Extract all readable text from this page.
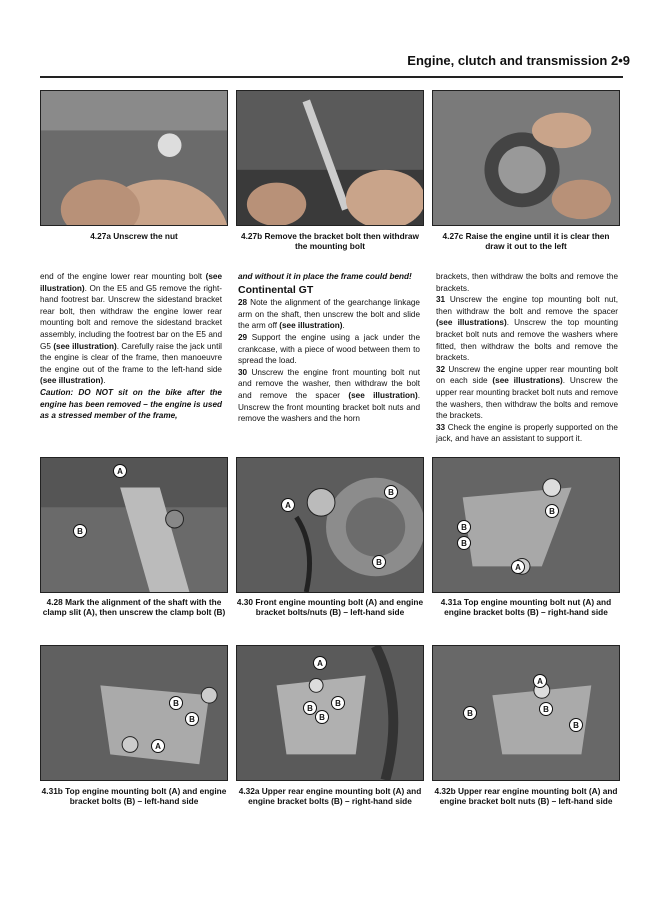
Engine, clutch and transmission 2•9
4.27a Unscrew the nut	4.27b Remove the bracket bolt then withdraw the mounting bolt
4.27c Raise the engine until it is clear then draw it out to the left

end of the engine lower rear mounting bolt (see illustration). On the E5 and G5 remove the right-hand footrest bar. Unscrew the sidestand bracket rear bolt, then withdraw the engine lower rear mounting bolt and remove the sidestand bracket assembly, including the footrest bar on the E5 and G5 (see illustration). Carefully raise the jack until the engine is clear of the frame, then manoeuvre the engine out of the frame to the left-hand side (see illustration).

Caution: DO NOT sit on the bike after the engine has been removed – the engine is used as a stressed member of the frame,

and without it in place the frame could bend!

Continental GT

28 Note the alignment of the gearchange linkage arm on the shaft, then unscrew the bolt and slide the arm off (see illustration).

29 Support the engine using a jack under the crankcase, with a piece of wood between them to spread the load.

30 Unscrew the engine front mounting bolt nut and remove the washer, then withdraw the bolt and remove the spacer (see illustration). Unscrew the front mounting bracket bolt nuts and remove the washers and the horn

brackets, then withdraw the bolts and remove the brackets.

31 Unscrew the engine top mounting bolt nut, then withdraw the bolt and remove the spacer (see illustrations). Unscrew the top mounting bracket bolt nuts and remove the washers where fitted, then withdraw the bolts and remove the brackets.

32 Unscrew the engine upper rear mounting bolt on each side (see illustrations). Unscrew the upper rear mounting bracket bolt nuts and remove the washers, then withdraw the bolts and remove the brackets.

33 Check the engine is properly supported on the jack, and have an assistant to support it.

A
B
A
B
B
A
B
B
B
4.28 Mark the alignment of the shaft with the clamp slit (A), then unscrew the clamp bolt (B)
4.30 Front engine mounting bolt (A) and engine bracket bolts/nuts (B) – left-hand side
4.31a Top engine mounting bolt nut (A) and engine bracket bolts (B) – right-hand side
A
B
B
A
B
B
B
A
B
B
B
4.31b Top engine mounting bolt (A) and engine bracket bolts (B) – left-hand side
4.32a Upper rear engine mounting bolt (A) and engine bracket bolts (B) – right-hand side
4.32b Upper rear engine mounting bolt (A) and engine bracket bolt nuts (B) – left-hand side
